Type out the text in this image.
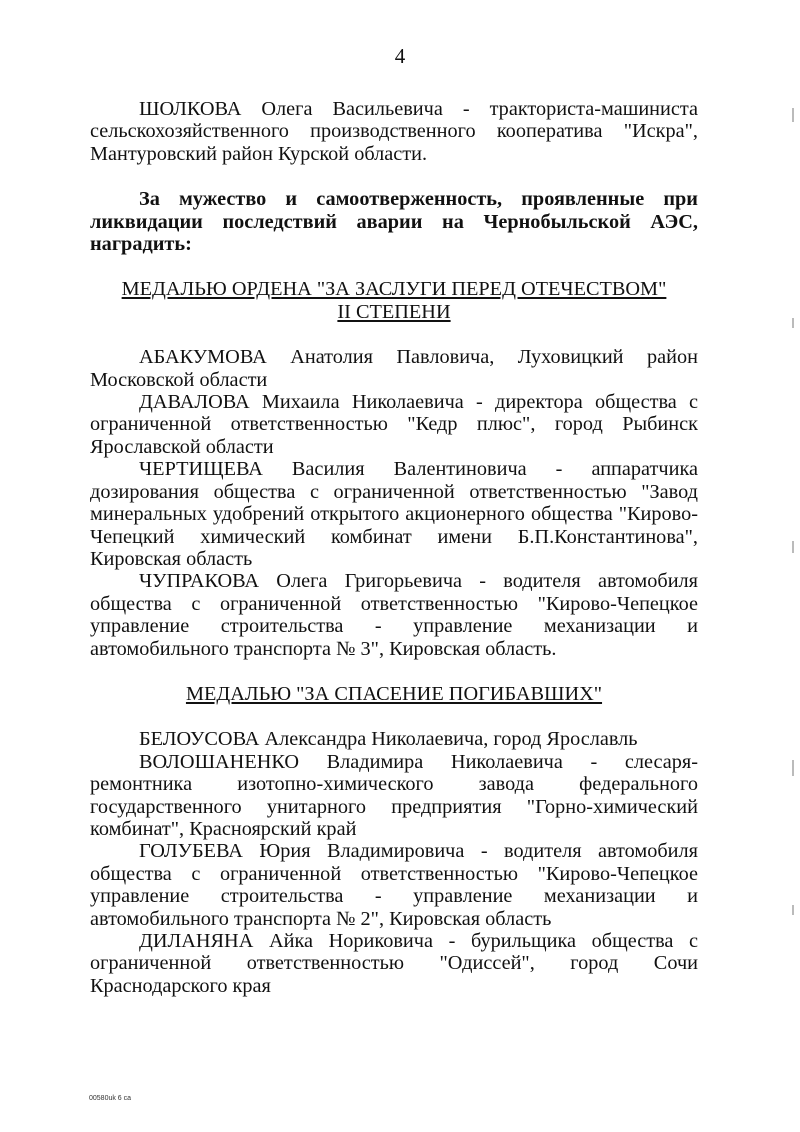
4

ШОЛКОВА Олега Васильевича - тракториста-машиниста сельскохозяйственного производственного кооператива "Искра", Мантуровский район Курской области.

За мужество и самоотверженность, проявленные при ликвидации последствий аварии на Чернобыльской АЭС, наградить:

МЕДАЛЬЮ ОРДЕНА "ЗА ЗАСЛУГИ ПЕРЕД ОТЕЧЕСТВОМ"
II СТЕПЕНИ

АБАКУМОВА Анатолия Павловича, Луховицкий район Московской области

ДАВАЛОВА Михаила Николаевича - директора общества с ограниченной ответственностью "Кедр плюс", город Рыбинск Ярославской области

ЧЕРТИЩЕВА Василия Валентиновича - аппаратчика дозирования общества с ограниченной ответственностью "Завод минеральных удобрений открытого акционерного общества "Кирово-Чепецкий химический комбинат имени Б.П.Константинова", Кировская область

ЧУПРАКОВА Олега Григорьевича - водителя автомобиля общества с ограниченной ответственностью "Кирово-Чепецкое управление строительства - управление механизации и автомобильного транспорта № 3", Кировская область.

МЕДАЛЬЮ "ЗА СПАСЕНИЕ ПОГИБАВШИХ"

БЕЛОУСОВА Александра Николаевича, город Ярославль

ВОЛОШАНЕНКО Владимира Николаевича - слесаря-ремонтника изотопно-химического завода федерального государственного унитарного предприятия "Горно-химический комбинат", Красноярский край

ГОЛУБЕВА Юрия Владимировича - водителя автомобиля общества с ограниченной ответственностью "Кирово-Чепецкое управление строительства - управление механизации и автомобильного транспорта № 2", Кировская область

ДИЛАНЯНА Айка Нориковича - бурильщика общества с ограниченной ответственностью "Одиссей", город Сочи Краснодарского края

00580uk 6 ca
